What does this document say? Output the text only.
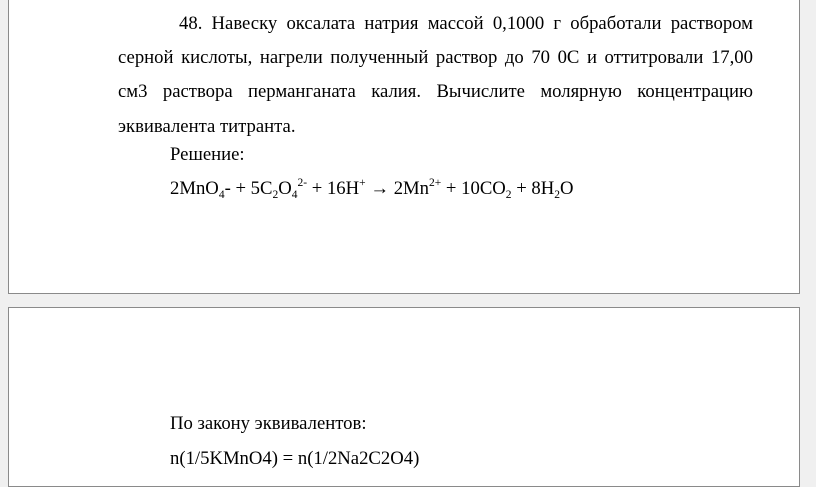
48. Навеску оксалата натрия массой 0,1000 г обработали раствором серной кислоты, нагрели полученный раствор до 70 0С и оттитровали 17,00 см3 раствора перманганата калия. Вычислите молярную концентрацию эквивалента титранта.

Решение:

$2MnO_4- + 5C_2O_4^{2-} + 16H^+ \to 2Mn^{2+} + 10CO_2 + 8H_2O$

По закону эквивалентов:

n(1/5KMnO4) = n(1/2Na2C2O4)
